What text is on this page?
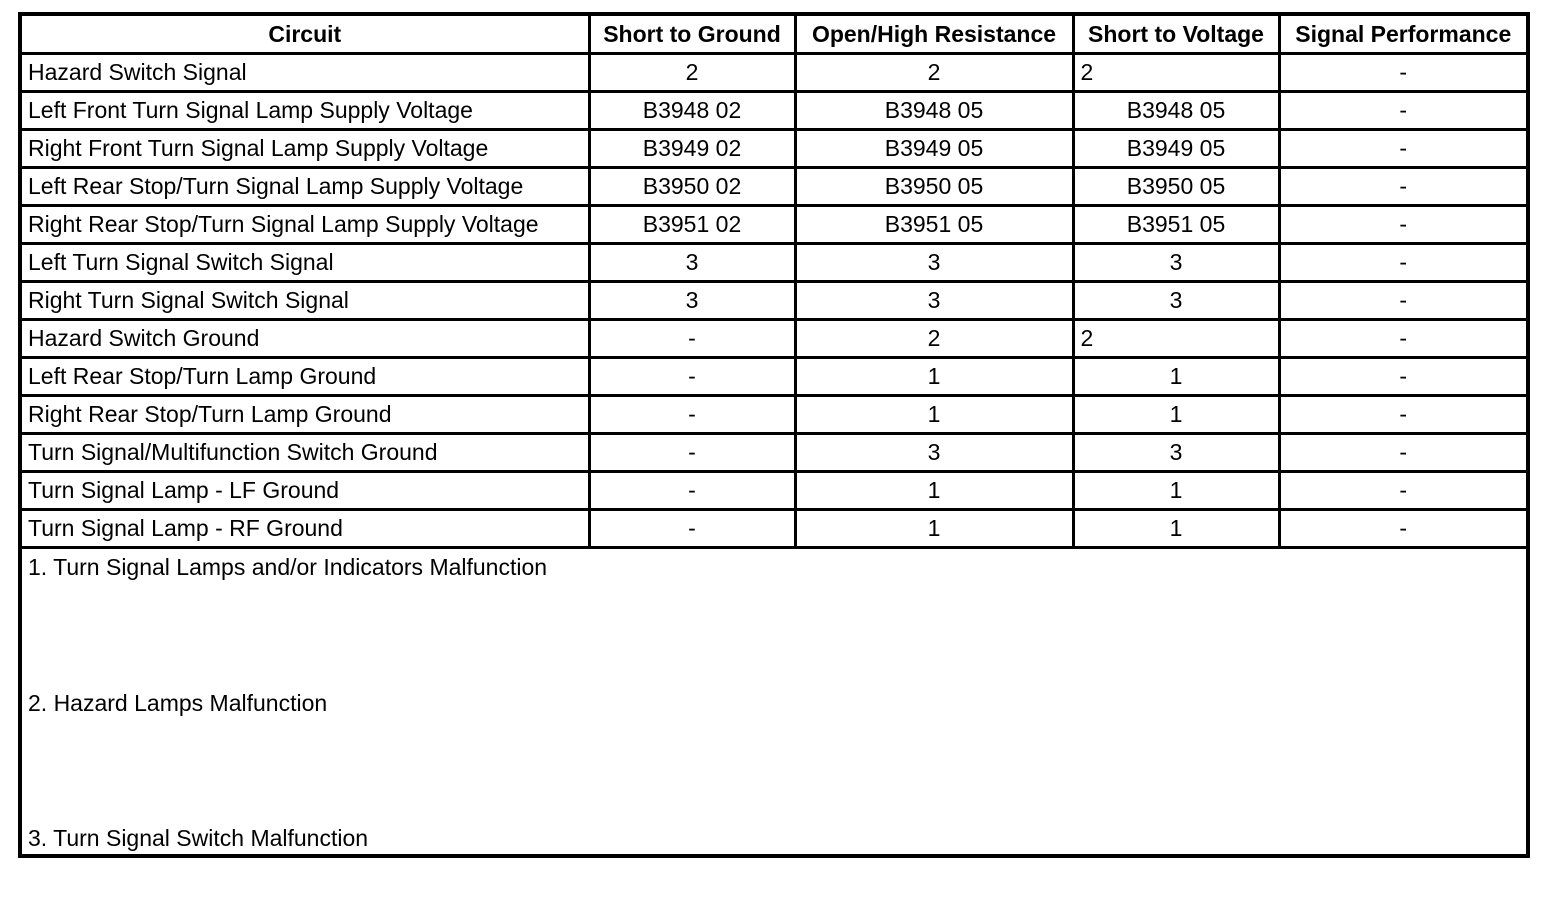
Circuit	Short to Ground	Open/High Resistance	Short to Voltage	Signal Performance
Hazard Switch Signal	2	2	2	-
Left Front Turn Signal Lamp Supply Voltage	B3948 02	B3948 05	B3948 05	-
Right Front Turn Signal Lamp Supply Voltage	B3949 02	B3949 05	B3949 05	-
Left Rear Stop/Turn Signal Lamp Supply Voltage	B3950 02	B3950 05	B3950 05	-
Right Rear Stop/Turn Signal Lamp Supply Voltage	B3951 02	B3951 05	B3951 05	-
Left Turn Signal Switch Signal	3	3	3	-
Right Turn Signal Switch Signal	3	3	3	-
Hazard Switch Ground	-	2	2	-
Left Rear Stop/Turn Lamp Ground	-	1	1	-
Right Rear Stop/Turn Lamp Ground	-	1	1	-
Turn Signal/Multifunction Switch Ground	-	3	3	-
Turn Signal Lamp - LF Ground	-	1	1	-
Turn Signal Lamp - RF Ground	-	1	1	-

1. Turn Signal Lamps and/or Indicators Malfunction
2. Hazard Lamps Malfunction
3. Turn Signal Switch Malfunction				
